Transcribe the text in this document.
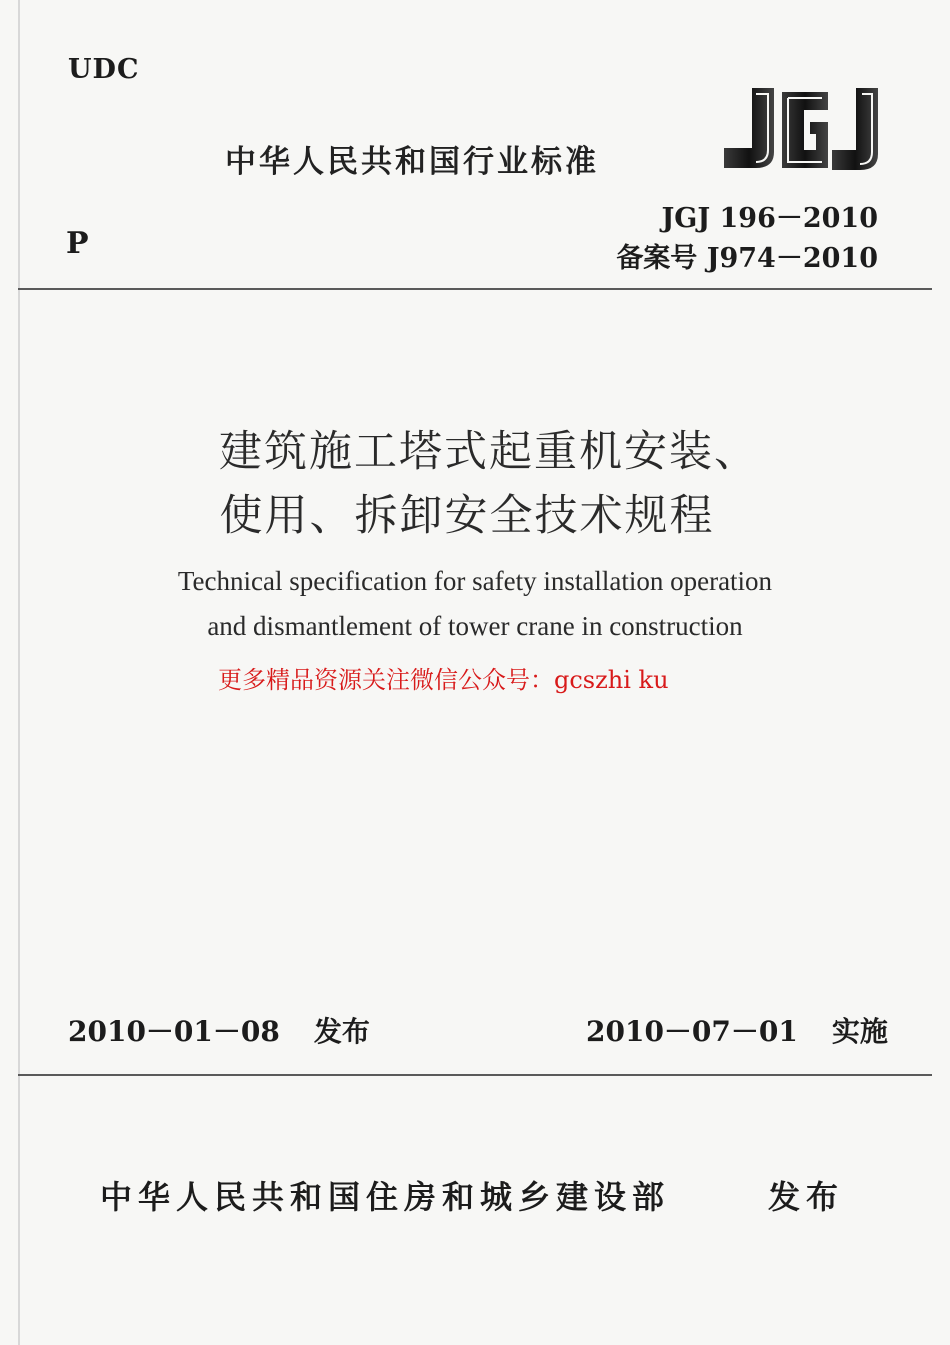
UDC
中华人民共和国行业标准
JGJ 196－2010
P	备案号 J974－2010
建筑施工塔式起重机安装、
使用、拆卸安全技术规程
Technical specification for safety installation operation
and dismantlement of tower crane in construction
更多精品资源关注微信公众号：gcszhi ku
2010－01－08 发布	2010－07－01 实施
中华人民共和国住房和城乡建设部	发布
